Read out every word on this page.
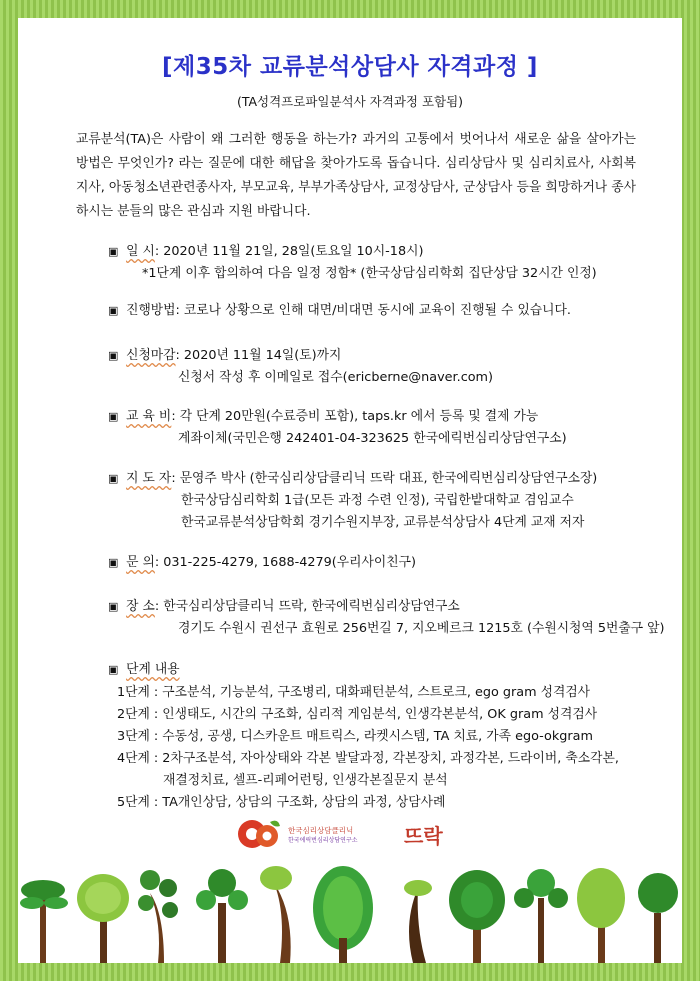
[제35차 교류분석상담사 자격과정 ]
(TA성격프로파일분석사 자격과정 포함됨)
교류분석(TA)은 사람이 왜 그러한 행동을 하는가? 과거의 고통에서 벗어나서 새로운 삶을 살아가는 방법은 무엇인가? 라는 질문에 대한 해답을 찾아가도록 돕습니다. 심리상담사 및 심리치료사, 사회복지사, 아동청소년관련종사자, 부모교육, 부부가족상담사, 교정상담사, 군상담사 등을 희망하거나 종사하시는 분들의 많은 관심과 지원 바랍니다.
▣ 일 시: 2020년 11월 21일, 28일(토요일 10시-18시)
*1단계 이후 합의하여 다음 일정 정함* (한국상담심리학회 집단상담 32시간 인정)
▣ 진행방법: 코로나 상황으로 인해 대면/비대면 동시에 교육이 진행될 수 있습니다.
▣ 신청마감: 2020년 11월 14일(토)까지
신청서 작성 후 이메일로 접수(ericberne@naver.com)
▣ 교 육 비: 각 단계 20만원(수료증비 포함), taps.kr 에서 등록 및 결제 가능
계좌이체(국민은행 242401-04-323625 한국에릭번심리상담연구소)
▣ 지 도 자: 문영주 박사 (한국심리상담클리닉 뜨락 대표, 한국에릭번심리상담연구소장)
한국상담심리학회 1급(모든 과정 수련 인정), 국립한밭대학교 겸임교수
한국교류분석상담학회 경기수원지부장, 교류분석상담사 4단계 교재 저자
▣ 문 의: 031-225-4279, 1688-4279(우리사이친구)
▣ 장 소: 한국심리상담클리닉 뜨락, 한국에릭번심리상담연구소
경기도 수원시 권선구 효원로 256번길 7, 지오베르크 1215호 (수원시청역 5번출구 앞)
▣ 단계 내용
1단계 : 구조분석, 기능분석, 구조병리, 대화패턴분석, 스트로크, ego gram 성격검사
2단계 : 인생태도, 시간의 구조화, 심리적 게임분석, 인생각본분석, OK gram 성격검사
3단계 : 수동성, 공생, 디스카운트 매트릭스, 라켓시스템, TA 치료, 가족 ego-okgram
4단계 : 2차구조분석, 자아상태와 각본 발달과정, 각본장치, 과정각본, 드라이버, 축소각본,
재결정치료, 셀프-리페어런팅, 인생각본질문지 분석
5단계 : TA개인상담, 상담의 구조화, 상담의 과정, 상담사례
한국심리상담클리닉
한국에릭번심리상담연구소 뜨락
